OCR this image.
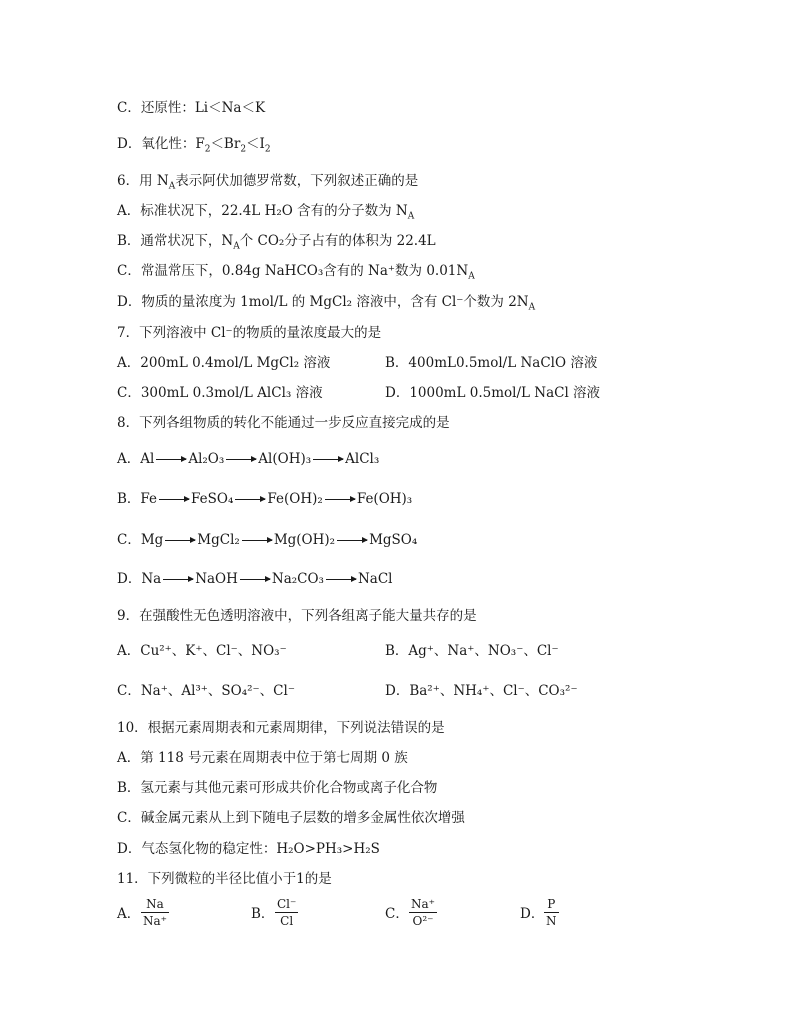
C．还原性：Li＜Na＜K
D．氧化性：$F_2<Br_2<I_2$
6．用 $N_A$表示阿伏加德罗常数，下列叙述正确的是
A．标准状况下，22.4L H₂O 含有的分子数为 $N_A$
B．通常状况下，$N_A$个 CO₂分子占有的体积为 22.4L
C．常温常压下，0.84g NaHCO₃含有的 Na⁺数为 $0.01N_A$
D．物质的量浓度为 1mol/L 的 MgCl₂ 溶液中，含有 Cl⁻个数为 $2N_A$
7．下列溶液中 Cl⁻的物质的量浓度最大的是
A．200mL 0.4mol/L MgCl₂ 溶液	B．400mL0.5mol/L NaClO 溶液
C．300mL 0.3mol/L AlCl₃ 溶液	D．1000mL 0.5mol/L NaCl 溶液
8．下列各组物质的转化不能通过一步反应直接完成的是
A．Al	Al₂O₃	Al(OH)₃	AlCl₃
B．Fe	FeSO₄	Fe(OH)₂	Fe(OH)₃
C．Mg	MgCl₂	Mg(OH)₂	MgSO₄
D．Na	NaOH	Na₂CO₃	NaCl
9．在强酸性无色透明溶液中，下列各组离子能大量共存的是
A．Cu²⁺、K⁺、Cl⁻、NO₃⁻	B．Ag⁺、Na⁺、NO₃⁻、Cl⁻
C．Na⁺、Al³⁺、SO₄²⁻、Cl⁻	D．Ba²⁺、NH₄⁺、Cl⁻、CO₃²⁻
10．根据元素周期表和元素周期律，下列说法错误的是
A．第 118 号元素在周期表中位于第七周期 0 族
B．氢元素与其他元素可形成共价化合物或离子化合物
C．碱金属元素从上到下随电子层数的增多金属性依次增强
D．气态氢化物的稳定性：H₂O>PH₃>H₂S
11．下列微粒的半径比值小于1的是
A．
Na
Na⁺	B．
Cl⁻
Cl	C．
Na⁺
O²⁻	D．
P
N
